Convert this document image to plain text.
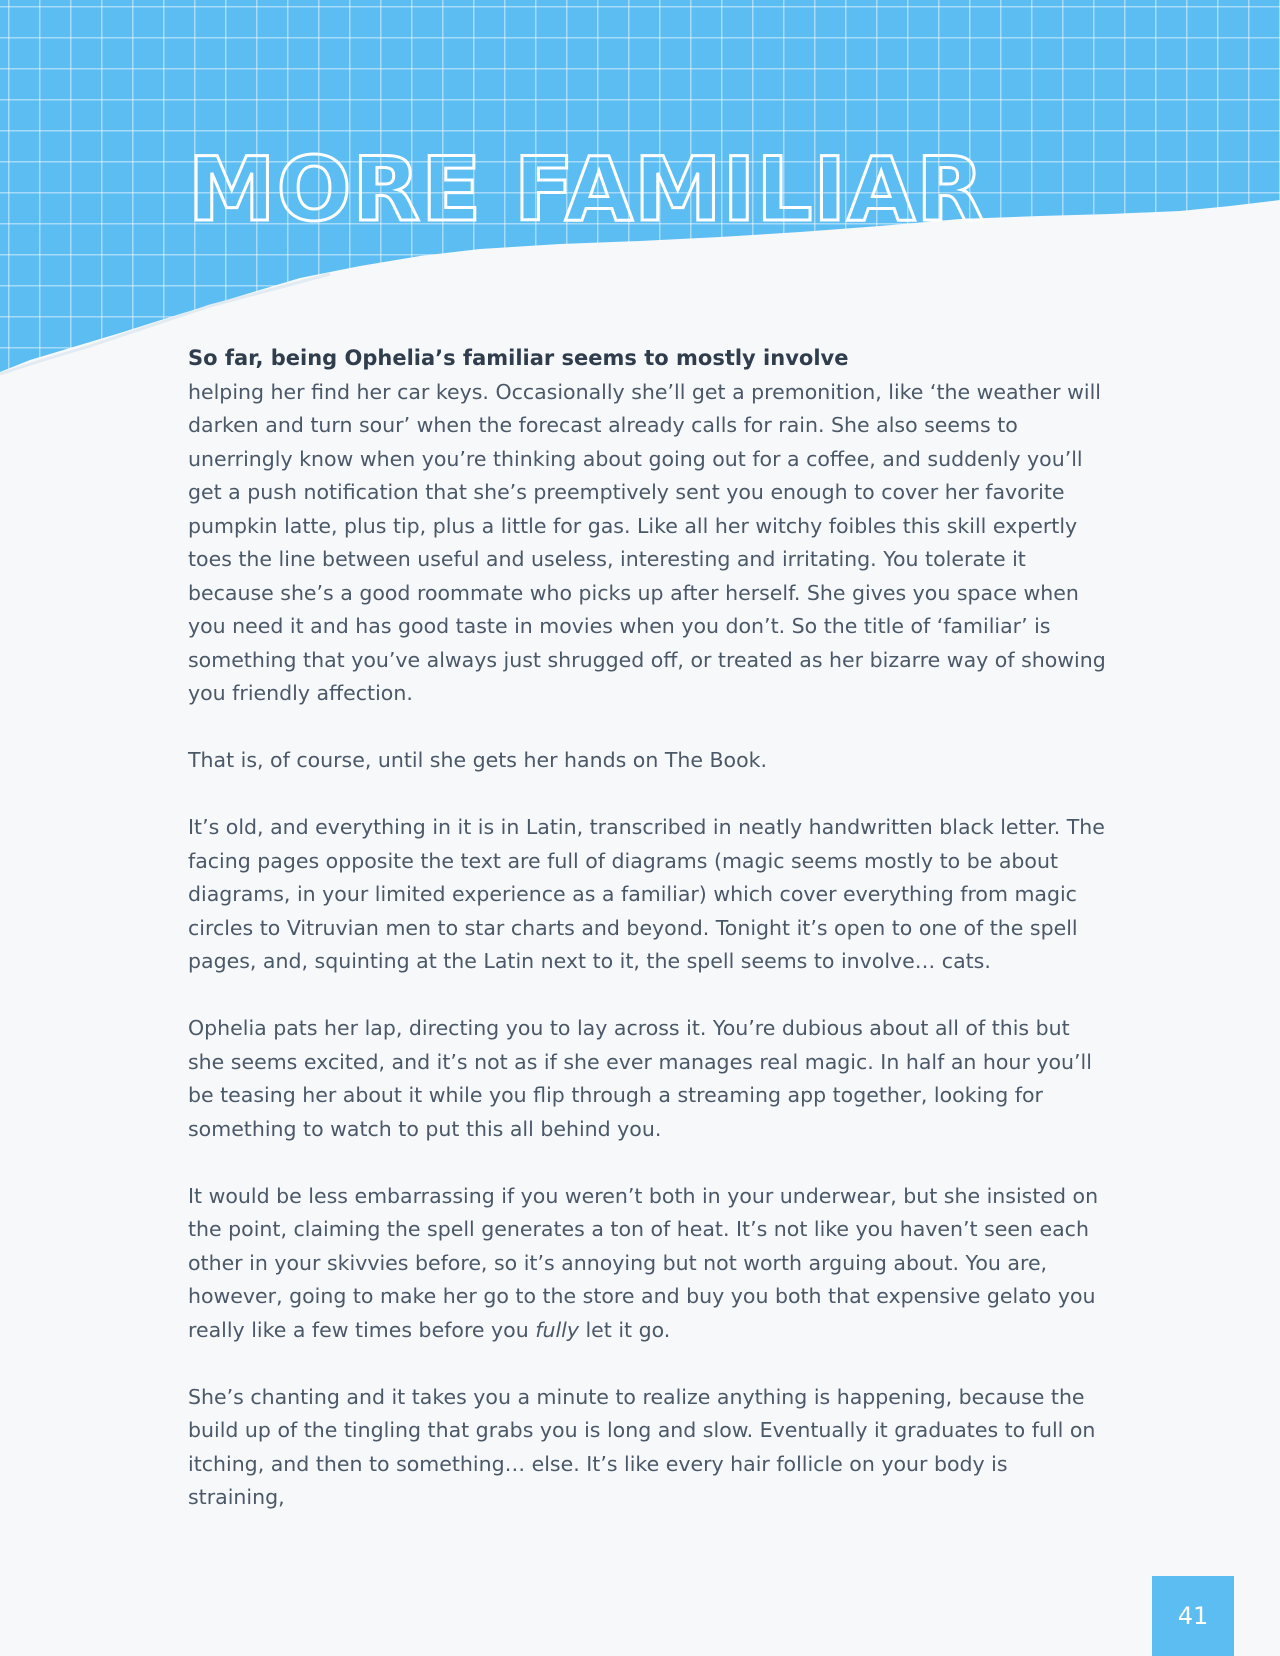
MORE FAMILIAR

So far, being Ophelia’s familiar seems to mostly involve
helping her find her car keys. Occasionally she’ll get a premonition, like ‘the weather will darken and turn sour’ when the forecast already calls for rain. She also seems to unerringly know when you’re thinking about going out for a coffee, and suddenly you’ll get a push notification that she’s preemptively sent you enough to cover her favorite pumpkin latte, plus tip, plus a little for gas. Like all her witchy foibles this skill expertly toes the line between useful and useless, interesting and irritating. You tolerate it because she’s a good roommate who picks up after herself. She gives you space when you need it and has good taste in movies when you don’t. So the title of ‘familiar’ is something that you’ve always just shrugged off, or treated as her bizarre way of showing you friendly affection.

That is, of course, until she gets her hands on The Book.

It’s old, and everything in it is in Latin, transcribed in neatly handwritten black letter. The facing pages opposite the text are full of diagrams (magic seems mostly to be about diagrams, in your limited experience as a familiar) which cover everything from magic circles to Vitruvian men to star charts and beyond. Tonight it’s open to one of the spell pages, and, squinting at the Latin next to it, the spell seems to involve… cats.

Ophelia pats her lap, directing you to lay across it. You’re dubious about all of this but she seems excited, and it’s not as if she ever manages real magic. In half an hour you’ll be teasing her about it while you flip through a streaming app together, looking for something to watch to put this all behind you.

It would be less embarrassing if you weren’t both in your underwear, but she insisted on the point, claiming the spell generates a ton of heat. It’s not like you haven’t seen each other in your skivvies before, so it’s annoying but not worth arguing about. You are, however, going to make her go to the store and buy you both that expensive gelato you really like a few times before you fully let it go.

She’s chanting and it takes you a minute to realize anything is happening, because the build up of the tingling that grabs you is long and slow. Eventually it graduates to full on itching, and then to something… else. It’s like every hair follicle on your body is straining,

41
